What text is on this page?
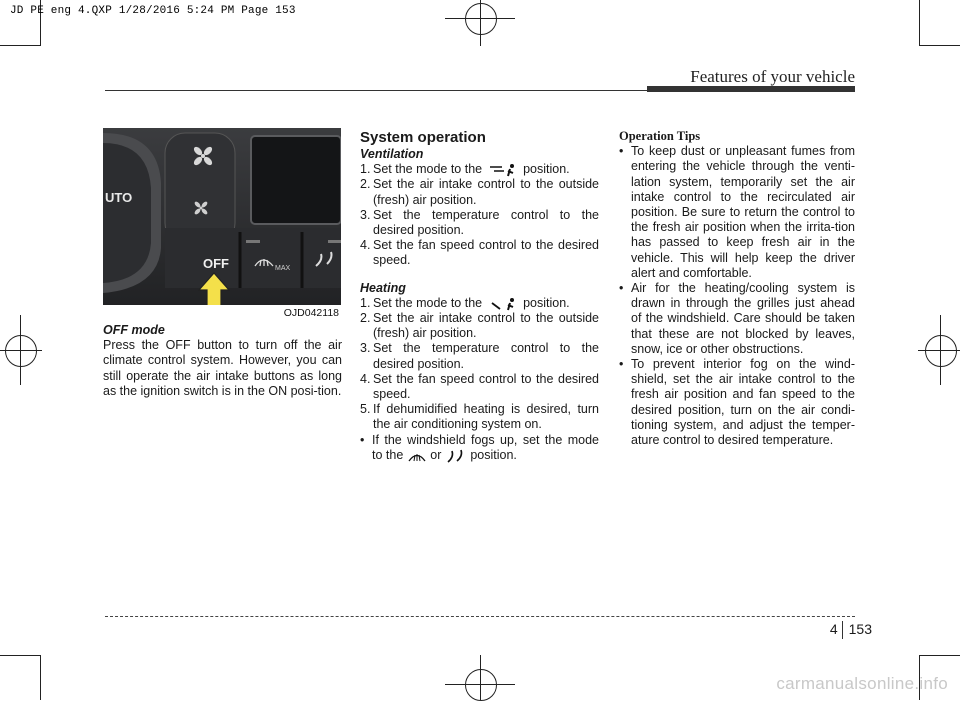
JD PE eng 4.QXP 1/28/2016 5:24 PM Page 153
Features of your vehicle
UTO
OFF	MAX
OJD042118

OFF mode

Press the OFF button to turn off the air climate control system. However, you can still operate the air intake buttons as long as the ignition switch is in the ON posi-tion.

System operation

Ventilation

1. Set the mode to the	position.
2. Set the air intake control to the outside (fresh) air position.
3. Set the temperature control to the desired position.
4. Set the fan speed control to the desired speed.

Heating

1. Set the mode to the	position.
2. Set the air intake control to the outside (fresh) air position.
3. Set the temperature control to the desired position.
4. Set the fan speed control to the desired speed.
5. If dehumidified heating is desired, turn the air conditioning system on.
• If the windshield fogs up, set the mode to the or position.

Operation Tips

• To keep dust or unpleasant fumes from entering the vehicle through the venti-lation system, temporarily set the air intake control to the recirculated air position. Be sure to return the control to the fresh air position when the irrita-tion has passed to keep fresh air in the vehicle. This will help keep the driver alert and comfortable.
• Air for the heating/cooling system is drawn in through the grilles just ahead of the windshield. Care should be taken that these are not blocked by leaves, snow, ice or other obstructions.
• To prevent interior fog on the wind-shield, set the air intake control to the fresh air position and fan speed to the desired position, turn on the air condi-tioning system, and adjust the temper-ature control to desired temperature.
4 153
carmanualsonline.info
